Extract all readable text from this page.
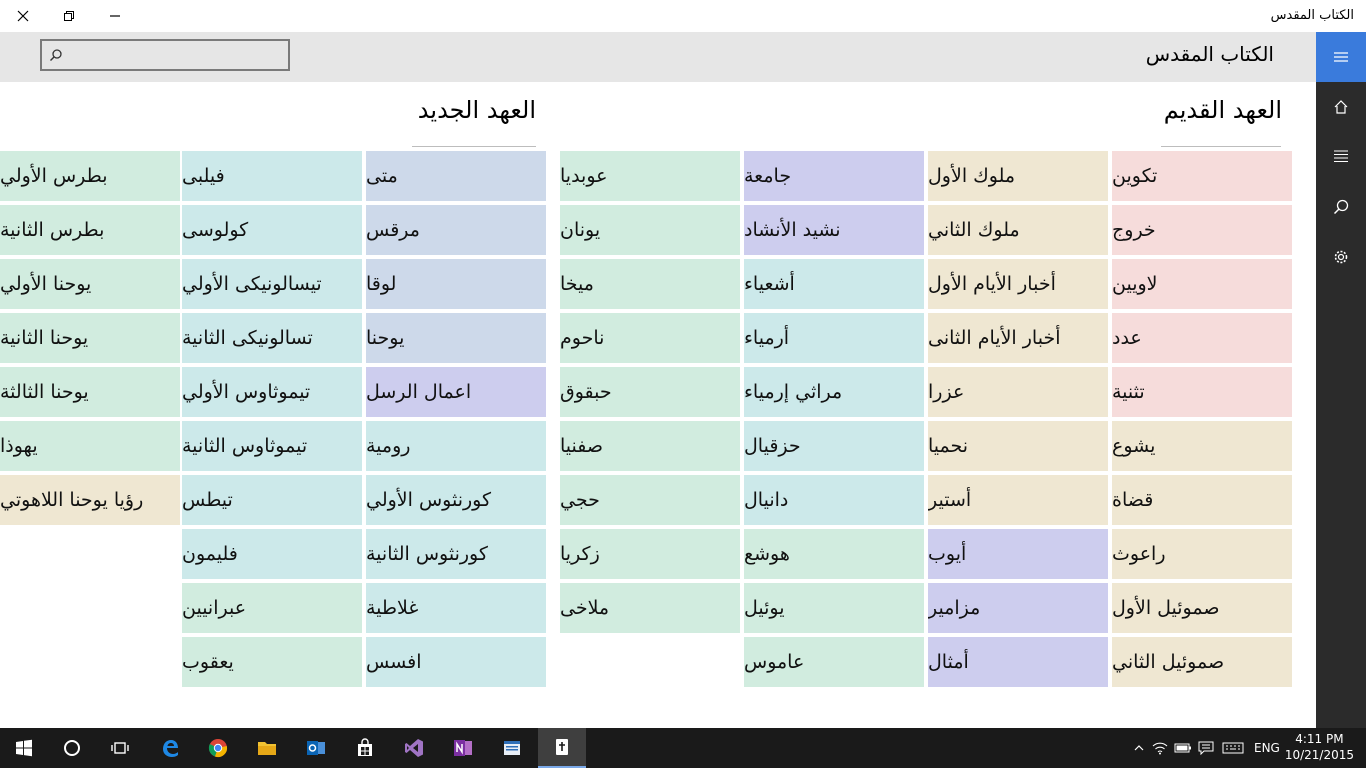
الكتاب المقدس
الكتاب المقدس
العهد القديم
العهد الجديد
تكوين
خروج
لاويين
عدد
تثنية
يشوع
قضاة
راعوث
صموئيل الأول
صموئيل الثاني
ملوك الأول
ملوك الثاني
أخبار الأيام الأول
أخبار الأيام الثانى
عزرا
نحميا
أستير
أيوب
مزامير
أمثال
جامعة
نشيد الأنشاد
أشعياء
أرمياء
مراثي إرمياء
حزقيال
دانيال
هوشع
يوئيل
عاموس
عوبديا
يونان
ميخا
ناحوم
حبقوق
صفنيا
حجي
زكريا
ملاخى
متى
مرقس
لوقا
يوحنا
اعمال الرسل
رومية
كورنثوس الأولي
كورنثوس الثانية
غلاطية
افسس
فيلبى
كولوسى
تيسالونيكى الأولي
تسالونيكى الثانية
تيموثاوس الأولي
تيموثاوس الثانية
تيطس
فليمون
عبرانيين
يعقوب
بطرس الأولي
بطرس الثانية
يوحنا الأولي
يوحنا الثانية
يوحنا الثالثة
يهوذا
رؤيا يوحنا اللاهوتي
ENG
4:11 PM
10/21/2015
